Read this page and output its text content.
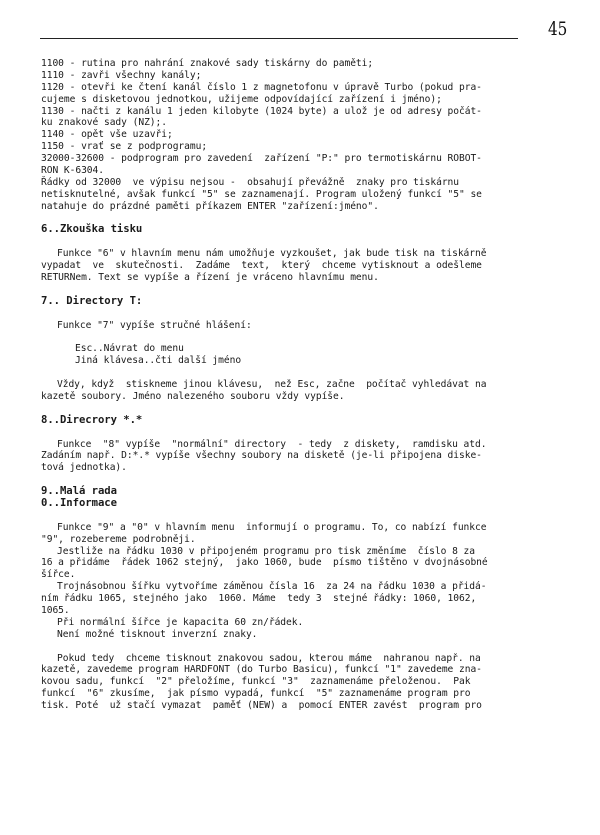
45
1100 - rutina pro nahrání znakové sady tiskárny do paměti;
1110 - zavři všechny kanály;
1120 - otevři ke čtení kanál číslo 1 z magnetofonu v úpravě Turbo (pokud pra-
cujeme s disketovou jednotkou, užijeme odpovídající zařízení i jméno);
1130 - načti z kanálu 1 jeden kilobyte (1024 byte) a ulož je od adresy počát-
ku znakové sady (NZ);.
1140 - opět vše uzavři;
1150 - vrať se z podprogramu;
32000-32600 - podprogram pro zavedení  zařízení "P:" pro termotiskárnu ROBOT-
RON K-6304.
Řádky od 32000  ve výpisu nejsou -  obsahují převážně  znaky pro tiskárnu
netisknutelné, avšak funkcí "5" se zaznamenají. Program uložený funkcí "5" se
natahuje do prázdné paměti příkazem ENTER "zařízení:jméno".
6..Zkouška tisku
Funkce "6" v hlavním menu nám umožňuje vyzkoušet, jak bude tisk na tiskárně
vypadat  ve  skutečnosti.  Zadáme  text,  který  chceme vytisknout a odešleme
RETURNem. Text se vypíše a řízení je vráceno hlavnímu menu.
7.. Directory T:
Funkce "7" vypíše stručné hlášení:
Esc..Návrat do menu
Jiná klávesa..čti další jméno
Vždy, když  stiskneme jinou klávesu,  než Esc, začne  počítač vyhledávat na
kazetě soubory. Jméno nalezeného souboru vždy vypíše.
8..Direcrory *.*
Funkce  "8" vypíše  "normální" directory  - tedy  z diskety,  ramdisku atd.
Zadáním např. D:*.* vypíše všechny soubory na disketě (je-li připojena diske-
tová jednotka).
9..Malá rada
0..Informace
Funkce "9" a "0" v hlavním menu  informují o programu. To, co nabízí funkce
"9", rozebereme podrobněji.
Jestliže na řádku 1030 v připojeném programu pro tisk změníme  číslo 8 za
16 a přidáme  řádek 1062 stejný,  jako 1060, bude  písmo tištěno v dvojnásobné
šířce.
Trojnásobnou šířku vytvoříme záměnou čísla 16  za 24 na řádku 1030 a přidá-
ním řádku 1065, stejného jako  1060. Máme  tedy 3  stejné řádky: 1060, 1062,
1065.
Při normální šířce je kapacita 60 zn/řádek.
Není možné tisknout inverzní znaky.
Pokud tedy  chceme tisknout znakovou sadou, kterou máme  nahranou např. na
kazetě, zavedeme program HARDFONT (do Turbo Basicu), funkcí "1" zavedeme zna-
kovou sadu, funkcí  "2" přeložíme, funkcí "3"  zaznamenáme přeloženou.  Pak
funkcí  "6" zkusíme,  jak písmo vypadá, funkcí  "5" zaznamenáme program pro
tisk. Poté  už stačí vymazat  paměť (NEW) a  pomocí ENTER zavést  program pro
